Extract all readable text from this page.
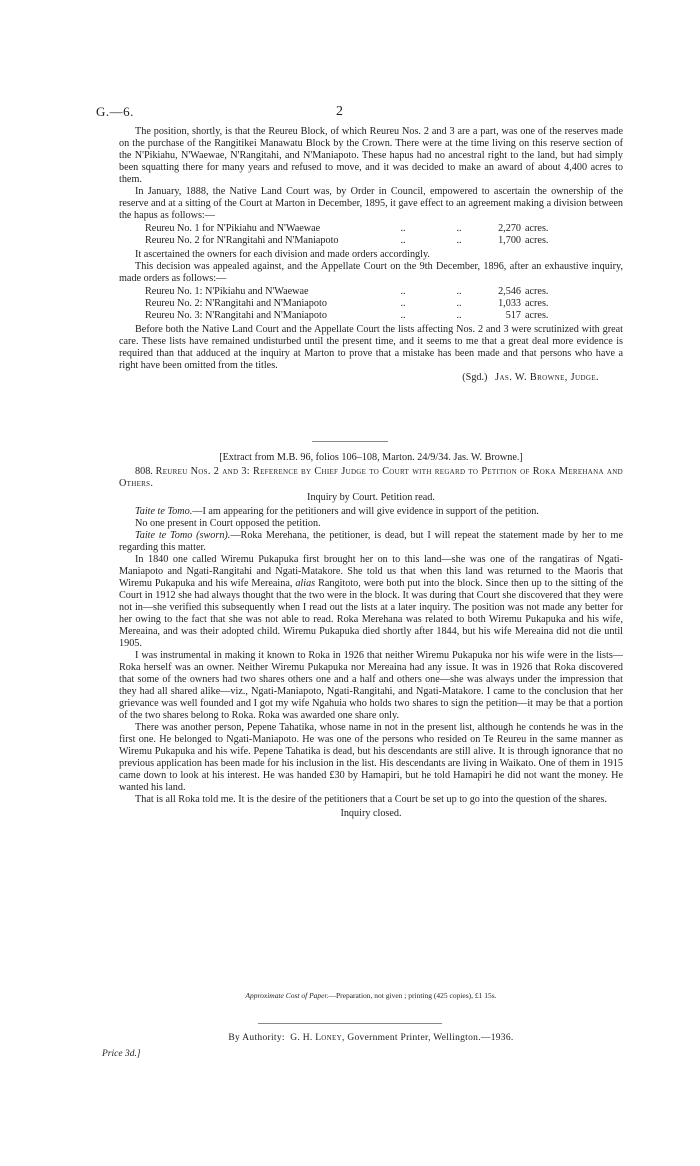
G.—6.	2

The position, shortly, is that the Reureu Block, of which Reureu Nos. 2 and 3 are a part, was one of the reserves made on the purchase of the Rangitikei Manawatu Block by the Crown. There were at the time living on this reserve section of the N'Pikiahu, N'Waewae, N'Rangitahi, and N'Maniapoto. These hapus had no ancestral right to the land, but had simply been squatting there for many years and refused to move, and it was decided to make an award of about 4,400 acres to them.

In January, 1888, the Native Land Court was, by Order in Council, empowered to ascertain the ownership of the reserve and at a sitting of the Court at Marton in December, 1895, it gave effect to an agreement making a division between the hapus as follows:—

Reureu No. 1 for N'Pikiahu and N'Waewae	..	..	2,270	acres.
Reureu No. 2 for N'Rangitahi and N'Maniapoto	..	..	1,700	acres.

It ascertained the owners for each division and made orders accordingly.

This decision was appealed against, and the Appellate Court on the 9th December, 1896, after an exhaustive inquiry, made orders as follows:—

Reureu No. 1: N'Pikiahu and N'Waewae	..	..	2,546	acres.
Reureu No. 2: N'Rangitahi and N'Maniapoto	..	..	1,033	acres.
Reureu No. 3: N'Rangitahi and N'Maniapoto	..	..	517	acres.

Before both the Native Land Court and the Appellate Court the lists affecting Nos. 2 and 3 were scrutinized with great care. These lists have remained undisturbed until the present time, and it seems to me that a great deal more evidence is required than that adduced at the inquiry at Marton to prove that a mistake has been made and that persons who have a right have been omitted from the titles.

(Sgd.) Jas. W. Browne, Judge.

[Extract from M.B. 96, folios 106–108, Marton. 24/9/34. Jas. W. Browne.]

808. Reureu Nos. 2 and 3: Reference by Chief Judge to Court with regard to Petition of Roka Merehana and Others.

Inquiry by Court. Petition read.

Taite te Tomo.—I am appearing for the petitioners and will give evidence in support of the petition.

No one present in Court opposed the petition.

Taite te Tomo (sworn).—Roka Merehana, the petitioner, is dead, but I will repeat the statement made by her to me regarding this matter.

In 1840 one called Wiremu Pukapuka first brought her on to this land—she was one of the rangatiras of Ngati-Maniapoto and Ngati-Rangitahi and Ngati-Matakore. She told us that when this land was returned to the Maoris that Wiremu Pukapuka and his wife Mereaina, alias Rangitoto, were both put into the block. Since then up to the sitting of the Court in 1912 she had always thought that the two were in the block. It was during that Court she discovered that they were not in—she verified this subsequently when I read out the lists at a later inquiry. The position was not made any better for her owing to the fact that she was not able to read. Roka Merehana was related to both Wiremu Pukapuka and his wife, Mereaina, and was their adopted child. Wiremu Pukapuka died shortly after 1844, but his wife Mereaina did not die until 1905.

I was instrumental in making it known to Roka in 1926 that neither Wiremu Pukapuka nor his wife were in the lists—Roka herself was an owner. Neither Wiremu Pukapuka nor Mereaina had any issue. It was in 1926 that Roka discovered that some of the owners had two shares others one and a half and others one—she was always under the impression that they had all shared alike—viz., Ngati-Maniapoto, Ngati-Rangitahi, and Ngati-Matakore. I came to the conclusion that her grievance was well founded and I got my wife Ngahuia who holds two shares to sign the petition—it may be that a portion of the two shares belong to Roka. Roka was awarded one share only.

There was another person, Pepene Tahatika, whose name in not in the present list, although he contends he was in the first one. He belonged to Ngati-Maniapoto. He was one of the persons who resided on Te Reureu in the same manner as Wiremu Pukapuka and his wife. Pepene Tahatika is dead, but his descendants are still alive. It is through ignorance that no previous application has been made for his inclusion in the list. His descendants are living in Waikato. One of them in 1915 came down to look at his interest. He was handed £30 by Hamapiri, but he told Hamapiri he did not want the money. He wanted his land.

That is all Roka told me. It is the desire of the petitioners that a Court be set up to go into the question of the shares.

Inquiry closed.

Approximate Cost of Paper.—Preparation, not given ; printing (425 copies), £1 15s.
By Authority: G. H. Loney, Government Printer, Wellington.—1936.
Price 3d.]
